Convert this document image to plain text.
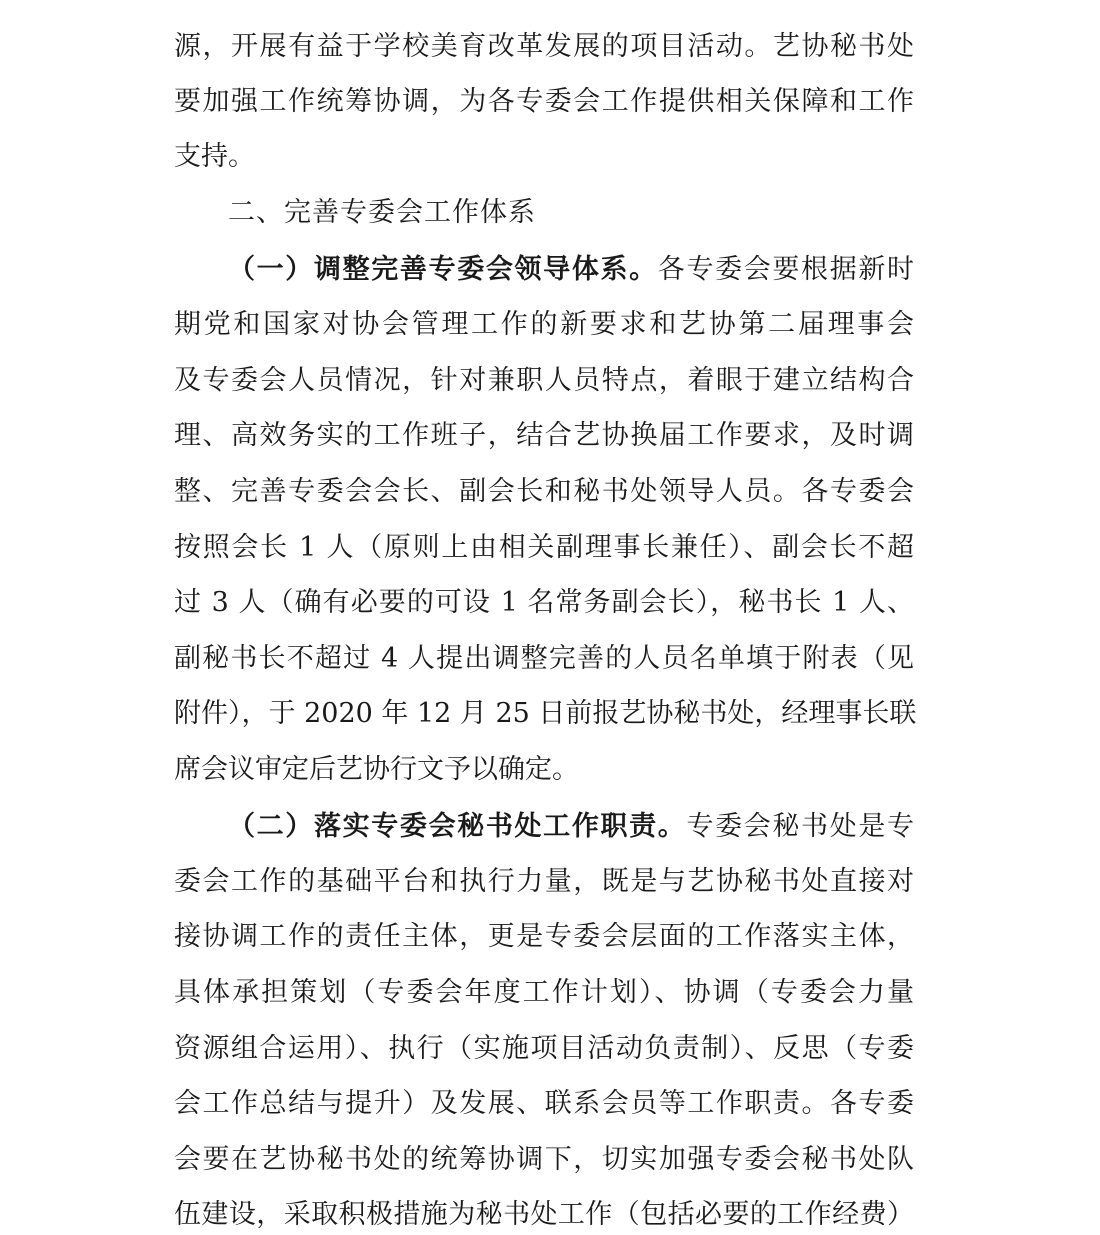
源，开展有益于学校美育改革发展的项目活动。艺协秘书处
要加强工作统筹协调，为各专委会工作提供相关保障和工作
支持。
二、完善专委会工作体系
（一）调整完善专委会领导体系。各专委会要根据新时
期党和国家对协会管理工作的新要求和艺协第二届理事会
及专委会人员情况，针对兼职人员特点，着眼于建立结构合
理、高效务实的工作班子，结合艺协换届工作要求，及时调
整、完善专委会会长、副会长和秘书处领导人员。各专委会
按照会长 1 人（原则上由相关副理事长兼任）、副会长不超
过 3 人（确有必要的可设 1 名常务副会长），秘书长 1 人、
副秘书长不超过 4 人提出调整完善的人员名单填于附表（见
附件），于 2020 年 12 月 25 日前报艺协秘书处，经理事长联
席会议审定后艺协行文予以确定。
（二）落实专委会秘书处工作职责。专委会秘书处是专
委会工作的基础平台和执行力量，既是与艺协秘书处直接对
接协调工作的责任主体，更是专委会层面的工作落实主体，
具体承担策划（专委会年度工作计划）、协调（专委会力量
资源组合运用）、执行（实施项目活动负责制）、反思（专委
会工作总结与提升）及发展、联系会员等工作职责。各专委
会要在艺协秘书处的统筹协调下，切实加强专委会秘书处队
伍建设，采取积极措施为秘书处工作（包括必要的工作经费）
